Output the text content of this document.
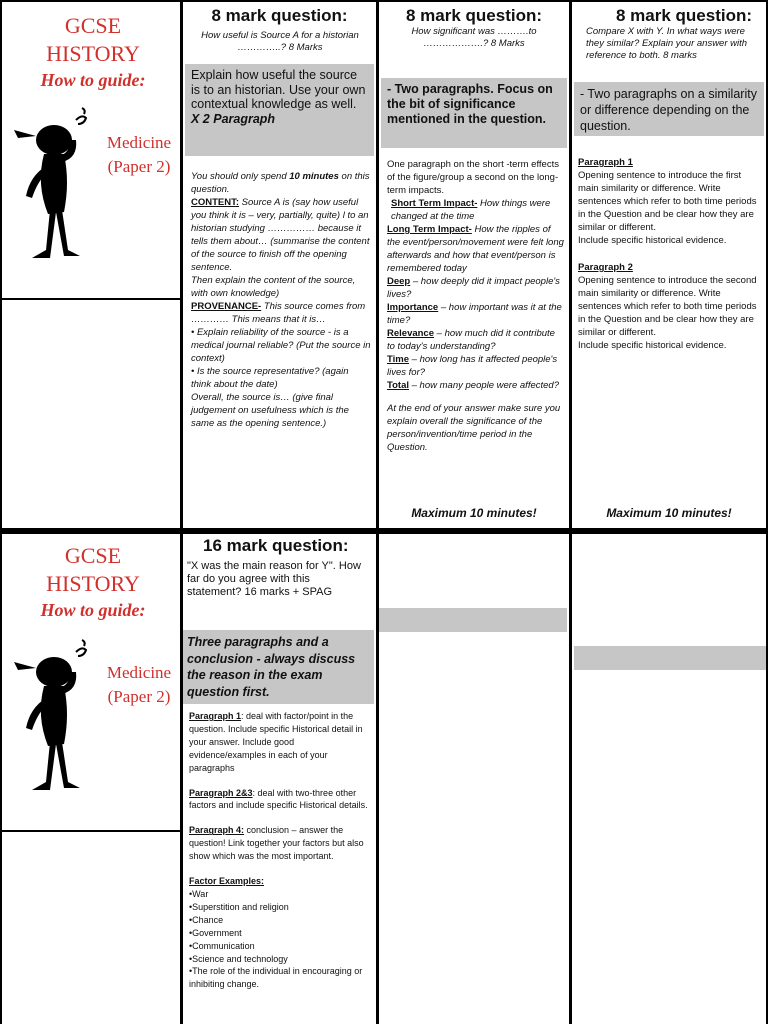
GCSE
HISTORY
How to guide:
Medicine
(Paper 2)
8 mark question:
How useful is Source A for a historian …………..? 8 Marks
Explain how useful the source is to an historian. Use your own contextual knowledge as well.
X 2 Paragraph

You should only spend 10 minutes on this question.

CONTENT: Source A is (say how useful you think it is – very, partially, quite) l to an historian studying …………… because it tells them about… (summarise the content of the source to finish off the opening sentence.

Then explain the content of the source, with own knowledge)

PROVENANCE- This source comes from ………… This means that it is…

• Explain reliability of the source - is a medical journal reliable? (Put the source in context)

• Is the source representative? (again think about the date)

Overall, the source is… (give final judgement on usefulness which is the same as the opening sentence.)

8 mark question:
How significant was ……….to ……………….? 8 Marks
- Two paragraphs. Focus on the bit of significance mentioned in the question.

One paragraph on the short -term effects of the figure/group a second on the long-term impacts.

Short Term Impact- How things were changed at the time

Long Term Impact- How the ripples of the event/person/movement were felt long afterwards and how that event/person is remembered today

Deep – how deeply did it impact people's lives?

Importance – how important was it at the time?

Relevance – how much did it contribute to today's understanding?

Time – how long has it affected people's lives for?

Total – how many people were affected?

At the end of your answer make sure you explain overall the significance of the person/invention/time period in the Question.

Maximum 10 minutes!
8 mark question:
Compare X with Y. In what ways were they similar? Explain your answer with reference to both. 8 marks
- Two paragraphs on a similarity or difference depending on the question.

Paragraph 1

Opening sentence to introduce the first main similarity or difference. Write sentences which refer to both time periods in the Question and be clear how they are similar or different.

Include specific historical evidence.

Paragraph 2

Opening sentence to introduce the second main similarity or difference. Write sentences which refer to both time periods in the Question and be clear how they are similar or different.

Include specific historical evidence.

Maximum 10 minutes!
GCSE
HISTORY
How to guide:
Medicine
(Paper 2)
16 mark question:
"X was the main reason for Y". How far do you agree with this statement? 16 marks + SPAG
Three paragraphs and a conclusion - always discuss the reason in the exam question first.

Paragraph 1: deal with factor/point in the question. Include specific Historical detail in your answer. Include good evidence/examples in each of your paragraphs

Paragraph 2&3: deal with two-three other factors and include specific Historical details.

Paragraph 4: conclusion – answer the question! Link together your factors but also show which was the most important.

Factor Examples:

•War

•Superstition and religion

•Chance

•Government

•Communication

•Science and technology

•The role of the individual in encouraging or inhibiting change.
